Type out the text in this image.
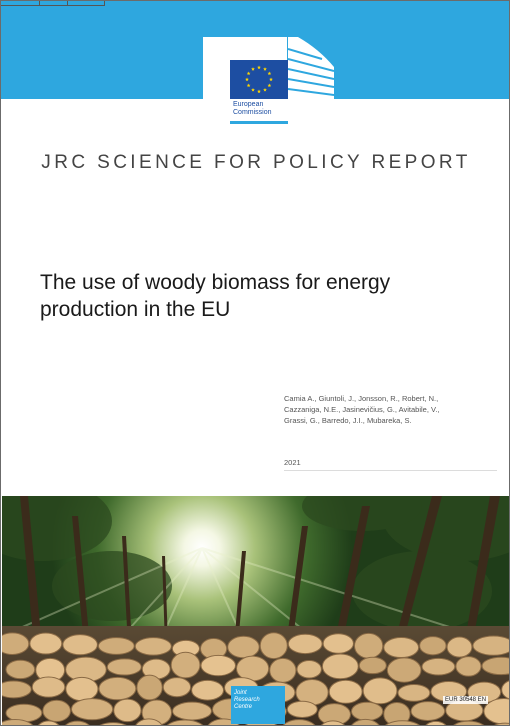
European
Commission
JRC SCIENCE FOR POLICY REPORT
The use of woody biomass for energy
production in the EU
Camia A., Giuntoli, J., Jonsson, R., Robert, N.,
Cazzaniga, N.E., Jasinevičius, G., Avitabile, V.,
Grassi, G., Barredo, J.I., Mubareka, S.
2021
Joint
Research
Centre
EUR 30548 EN
